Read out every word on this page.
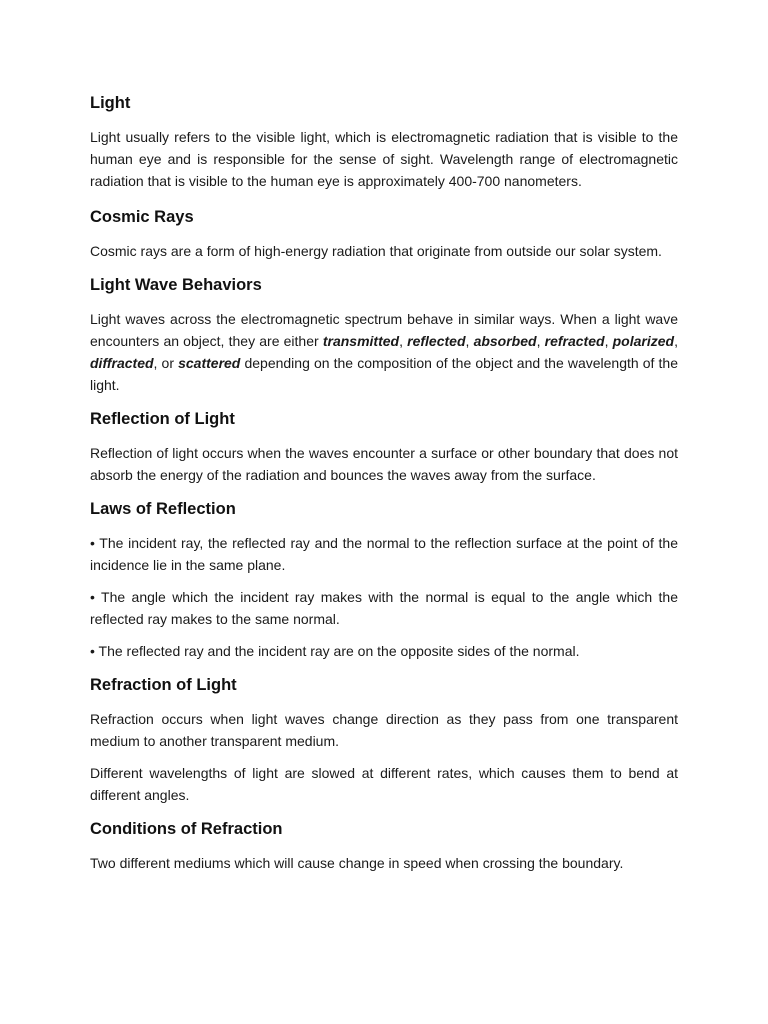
Light

Light usually refers to the visible light, which is electromagnetic radiation that is visible to the human eye and is responsible for the sense of sight. Wavelength range of electromagnetic radiation that is visible to the human eye is approximately 400-700 nanometers.

Cosmic Rays

Cosmic rays are a form of high-energy radiation that originate from outside our solar system.

Light Wave Behaviors

Light waves across the electromagnetic spectrum behave in similar ways. When a light wave encounters an object, they are either transmitted, reflected, absorbed, refracted, polarized, diffracted, or scattered depending on the composition of the object and the wavelength of the light.

Reflection of Light

Reflection of light occurs when the waves encounter a surface or other boundary that does not absorb the energy of the radiation and bounces the waves away from the surface.

Laws of Reflection

• The incident ray, the reflected ray and the normal to the reflection surface at the point of the incidence lie in the same plane.

• The angle which the incident ray makes with the normal is equal to the angle which the reflected ray makes to the same normal.

• The reflected ray and the incident ray are on the opposite sides of the normal.

Refraction of Light

Refraction occurs when light waves change direction as they pass from one transparent medium to another transparent medium.

Different wavelengths of light are slowed at different rates, which causes them to bend at different angles.

Conditions of Refraction

Two different mediums which will cause change in speed when crossing the boundary.
